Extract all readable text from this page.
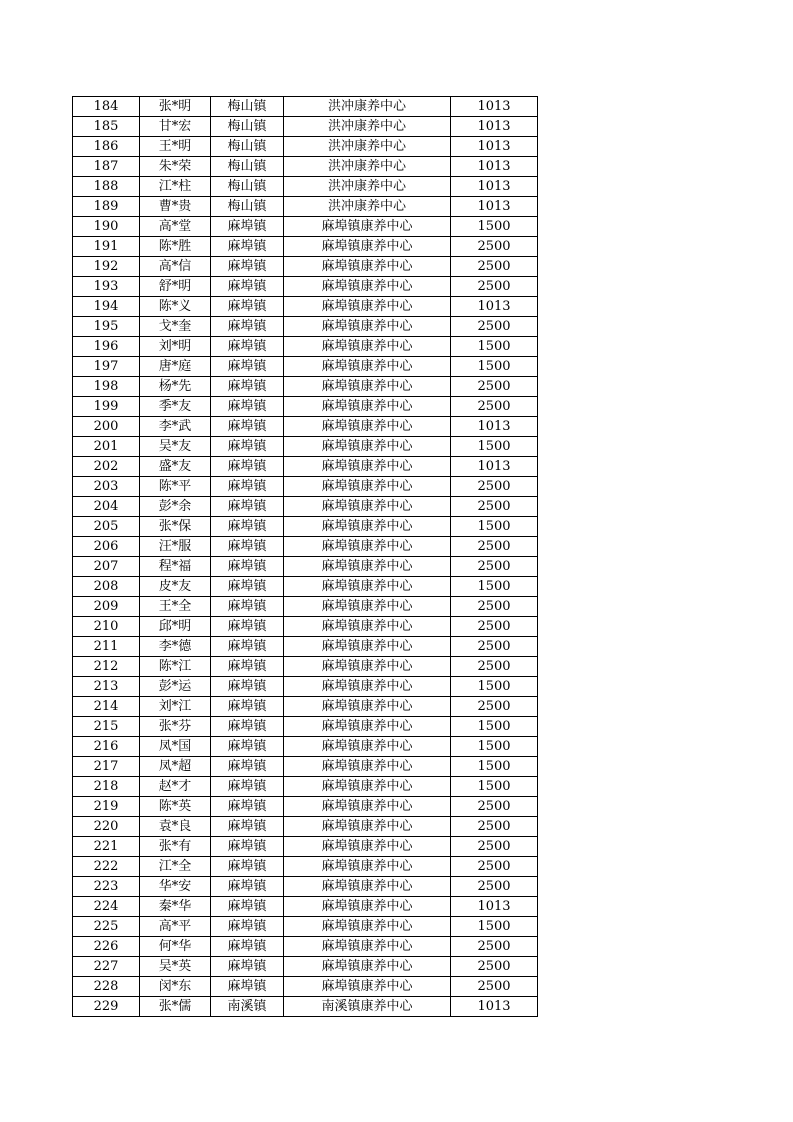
184	张*明	梅山镇	洪冲康养中心	1013
185	甘*宏	梅山镇	洪冲康养中心	1013
186	王*明	梅山镇	洪冲康养中心	1013
187	朱*荣	梅山镇	洪冲康养中心	1013
188	江*柱	梅山镇	洪冲康养中心	1013
189	曹*贵	梅山镇	洪冲康养中心	1013
190	高*堂	麻埠镇	麻埠镇康养中心	1500
191	陈*胜	麻埠镇	麻埠镇康养中心	2500
192	高*信	麻埠镇	麻埠镇康养中心	2500
193	舒*明	麻埠镇	麻埠镇康养中心	2500
194	陈*义	麻埠镇	麻埠镇康养中心	1013
195	戈*奎	麻埠镇	麻埠镇康养中心	2500
196	刘*明	麻埠镇	麻埠镇康养中心	1500
197	唐*庭	麻埠镇	麻埠镇康养中心	1500
198	杨*先	麻埠镇	麻埠镇康养中心	2500
199	季*友	麻埠镇	麻埠镇康养中心	2500
200	李*武	麻埠镇	麻埠镇康养中心	1013
201	吴*友	麻埠镇	麻埠镇康养中心	1500
202	盛*友	麻埠镇	麻埠镇康养中心	1013
203	陈*平	麻埠镇	麻埠镇康养中心	2500
204	彭*余	麻埠镇	麻埠镇康养中心	2500
205	张*保	麻埠镇	麻埠镇康养中心	1500
206	汪*服	麻埠镇	麻埠镇康养中心	2500
207	程*福	麻埠镇	麻埠镇康养中心	2500
208	皮*友	麻埠镇	麻埠镇康养中心	1500
209	王*全	麻埠镇	麻埠镇康养中心	2500
210	邱*明	麻埠镇	麻埠镇康养中心	2500
211	李*德	麻埠镇	麻埠镇康养中心	2500
212	陈*江	麻埠镇	麻埠镇康养中心	2500
213	彭*运	麻埠镇	麻埠镇康养中心	1500
214	刘*江	麻埠镇	麻埠镇康养中心	2500
215	张*芬	麻埠镇	麻埠镇康养中心	1500
216	凤*国	麻埠镇	麻埠镇康养中心	1500
217	凤*超	麻埠镇	麻埠镇康养中心	1500
218	赵*才	麻埠镇	麻埠镇康养中心	1500
219	陈*英	麻埠镇	麻埠镇康养中心	2500
220	袁*良	麻埠镇	麻埠镇康养中心	2500
221	张*有	麻埠镇	麻埠镇康养中心	2500
222	江*全	麻埠镇	麻埠镇康养中心	2500
223	华*安	麻埠镇	麻埠镇康养中心	2500
224	秦*华	麻埠镇	麻埠镇康养中心	1013
225	高*平	麻埠镇	麻埠镇康养中心	1500
226	何*华	麻埠镇	麻埠镇康养中心	2500
227	吴*英	麻埠镇	麻埠镇康养中心	2500
228	闵*东	麻埠镇	麻埠镇康养中心	2500
229	张*儒	南溪镇	南溪镇康养中心	1013
